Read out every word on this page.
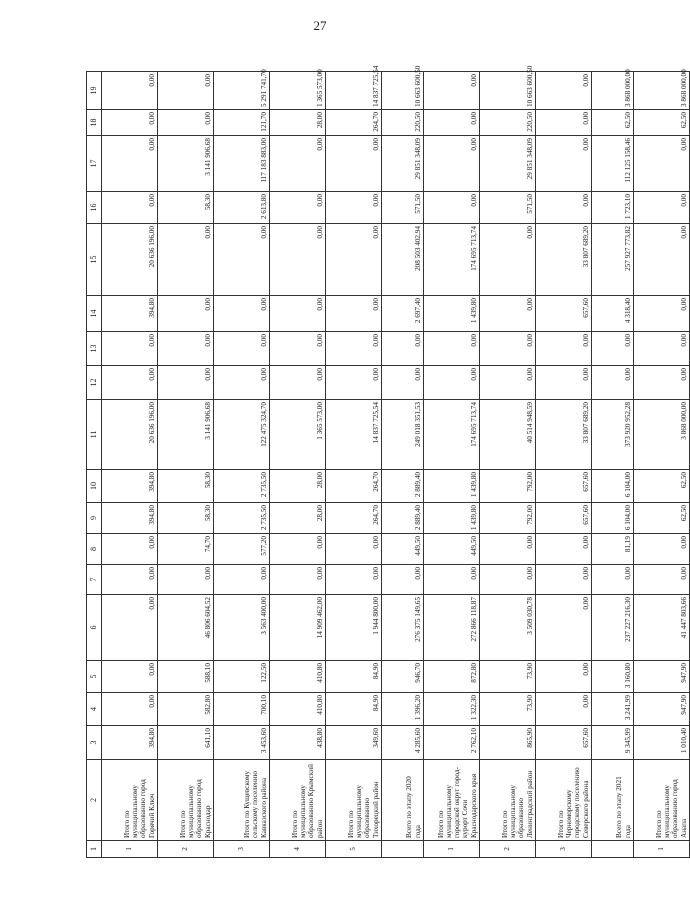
27
1	2	3	4	5	6	7	8	9	10	11	12	13	14	15	16	17	18	19
1	Итого по муниципальному образованию город Горячий Ключ	394,80	0,00	0,00	0,00	0,00	0,00	394,80	394,80	20 636 196,00	0,00	0,00	394,80	20 636 196,00	0,00	0,00	0,00	0,00
2	Итого по муниципальному образованию город Краснодар	641,10	582,80	588,10	46 806 604,52	0,00	74,70	58,30	58,30	3 141 906,68	0,00	0,00	0,00	0,00	58,30	3 141 906,68	0,00	0,00
3	Итого по Кущевскому сельскому поселению Кавказского района	3 453,60	700,10	122,50	3 563 400,00	0,00	577,20	2 735,50	2 735,50	122 475 324,70	0,00	0,00	0,00	0,00	2 613,80	117 183 883,00	121,70	5 291 741,70
4	Итого по муниципальному образованию Крымский район	438,80	410,80	410,80	14 909 462,00	0,00	0,00	28,00	28,00	1 365 573,00	0,00	0,00	0,00	0,00	0,00	0,00	28,00	1 365 573,00
5	Итого по муниципальному образованию Тихорецкий район	349,60	84,90	84,90	1 944 800,00	0,00	0,00	264,70	264,70	14 837 725,54	0,00	0,00	0,00	0,00	0,00	0,00	264,70	14 837 725,54
	Всего по этапу 2020 года	4 285,60	1 396,20	946,70	276 375 149,65	0,00	449,50	2 889,40	2 889,40	249 018 351,53	0,00	0,00	2 697,40	208 503 402,94	571,50	29 851 348,09	220,50	10 663 600,50
1	Итого по муниципальному городской округ город-курорт Сочи Краснодарского края	2 762,10	1 322,30	872,80	272 866 118,87	0,00	449,50	1 439,80	1 439,80	174 695 713,74	0,00	0,00	1 439,80	174 695 713,74	0,00	0,00	0,00	0,00
2	Итого по муниципальному образованию Ленинградский район	865,90	73,90	73,90	3 509 030,78	0,00	0,00	792,00	792,00	40 514 948,59	0,00	0,00	0,00	0,00	571,50	29 851 348,09	220,50	10 663 600,50
3	Итого по Черноморскому городскому поселению Северского района	657,60	0,00	0,00	0,00	0,00	0,00	657,60	657,60	33 807 689,20	0,00	0,00	657,60	33 807 689,20	0,00	0,00	0,00	0,00
	Всего по этапу 2021 года	9 345,99	3 241,99	3 160,80	237 227 216,30	0,00	81,19	6 104,00	6 104,00	373 920 952,28	0,00	0,00	4 318,40	257 927 773,82	1 723,10	112 125 158,46	62,50	3 868 000,00
1	Итого по муниципальному образованию город Анапа	1 010,40	947,90	947,90	41 447 803,66	0,00	0,00	62,50	62,50	3 868 000,00	0,00	0,00	0,00	0,00	0,00	0,00	62,50	3 868 000,00
